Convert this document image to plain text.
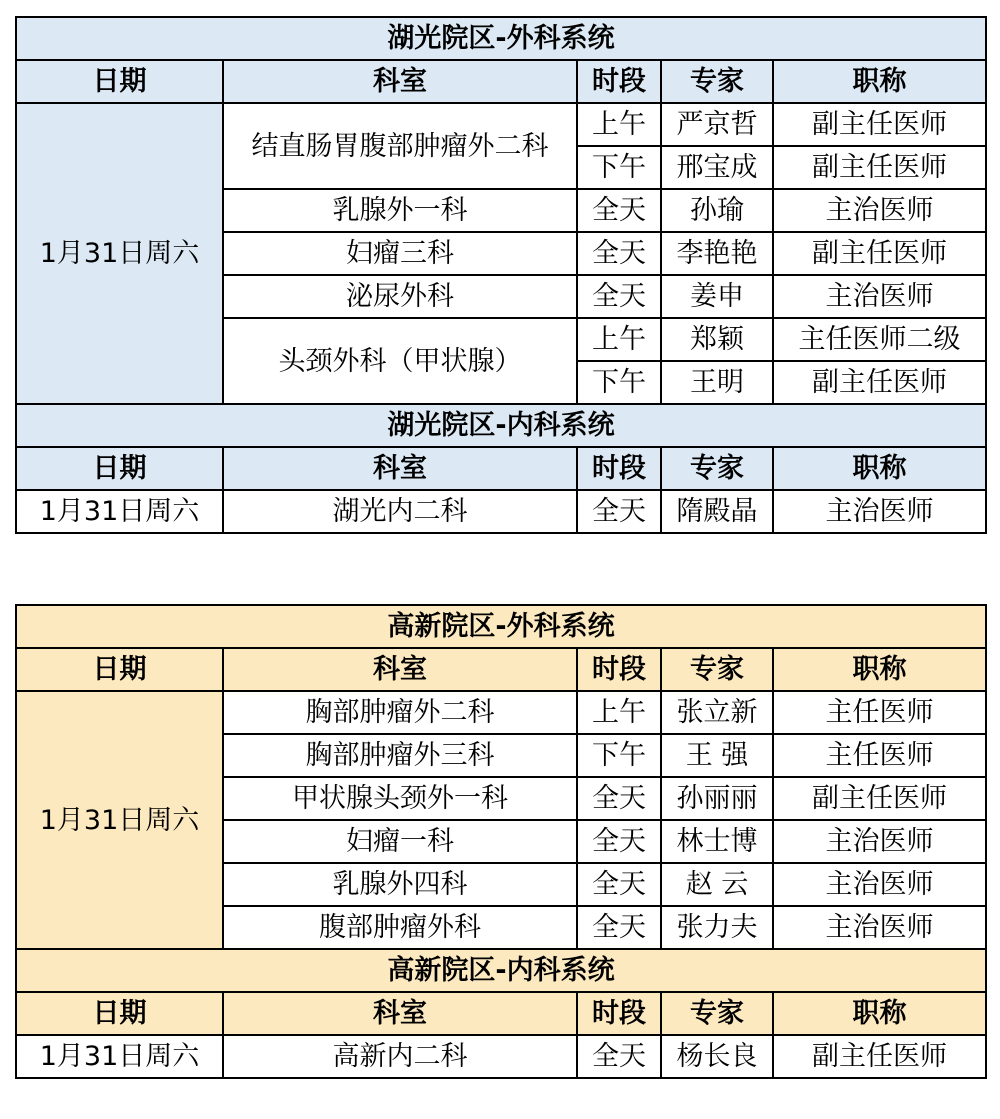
湖光院区-外科系统				
日期	科室	时段	专家	职称
1月31日周六	结直肠胃腹部肿瘤外二科	上午	严京哲	副主任医师
		下午	邢宝成	副主任医师
	乳腺外一科	全天	孙瑜	主治医师
	妇瘤三科	全天	李艳艳	副主任医师
	泌尿外科	全天	姜申	主治医师
	头颈外科（甲状腺）	上午	郑颖	主任医师二级
		下午	王明	副主任医师
湖光院区-内科系统				
日期	科室	时段	专家	职称
1月31日周六	湖光内二科	全天	隋殿晶	主治医师
高新院区-外科系统				
日期	科室	时段	专家	职称
1月31日周六	胸部肿瘤外二科	上午	张立新	主任医师
	胸部肿瘤外三科	下午	王 强	主任医师
	甲状腺头颈外一科	全天	孙丽丽	副主任医师
	妇瘤一科	全天	林士博	主治医师
	乳腺外四科	全天	赵 云	主治医师
	腹部肿瘤外科	全天	张力夫	主治医师
高新院区-内科系统				
日期	科室	时段	专家	职称
1月31日周六	高新内二科	全天	杨长良	副主任医师
